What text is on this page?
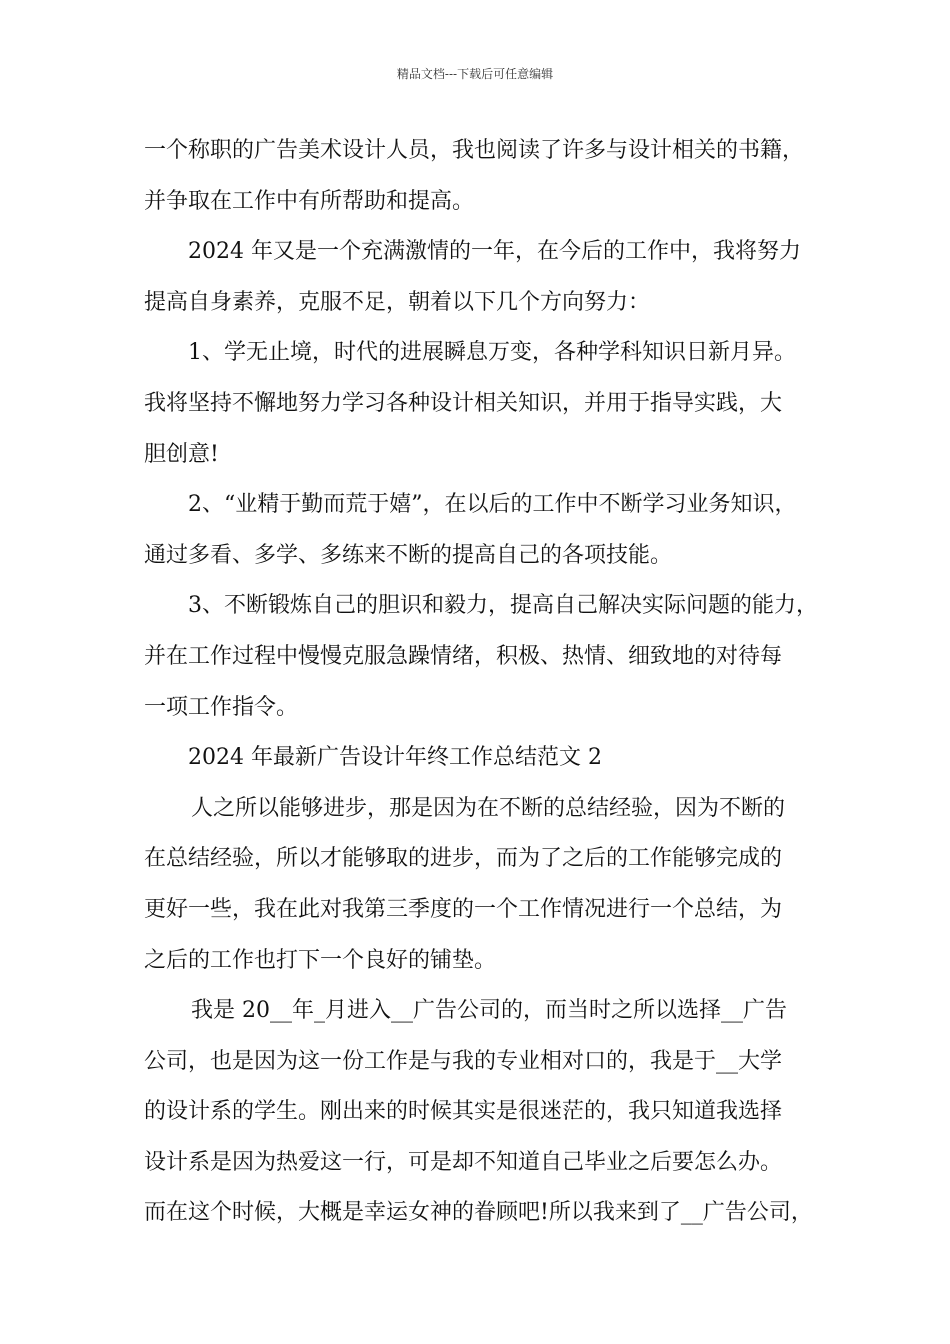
精品文档---下载后可任意编辑

一个称职的广告美术设计人员，我也阅读了许多与设计相关的书籍，
并争取在工作中有所帮助和提高。

2024 年又是一个充满激情的一年，在今后的工作中，我将努力
提高自身素养，克服不足，朝着以下几个方向努力：

1、学无止境，时代的进展瞬息万变，各种学科知识日新月异。
我将坚持不懈地努力学习各种设计相关知识，并用于指导实践，大
胆创意!

2、“业精于勤而荒于嬉”，在以后的工作中不断学习业务知识，
通过多看、多学、多练来不断的提高自己的各项技能。

3、不断锻炼自己的胆识和毅力，提高自己解决实际问题的能力，
并在工作过程中慢慢克服急躁情绪，积极、热情、细致地的对待每
一项工作指令。

2024 年最新广告设计年终工作总结范文 2

人之所以能够进步，那是因为在不断的总结经验，因为不断的
在总结经验，所以才能够取的进步，而为了之后的工作能够完成的
更好一些，我在此对我第三季度的一个工作情况进行一个总结，为
之后的工作也打下一个良好的铺垫。

我是 20__年_月进入__广告公司的，而当时之所以选择__广告
公司，也是因为这一份工作是与我的专业相对口的，我是于__大学
的设计系的学生。刚出来的时候其实是很迷茫的，我只知道我选择
设计系是因为热爱这一行，可是却不知道自己毕业之后要怎么办。
而在这个时候，大概是幸运女神的眷顾吧!所以我来到了__广告公司，
